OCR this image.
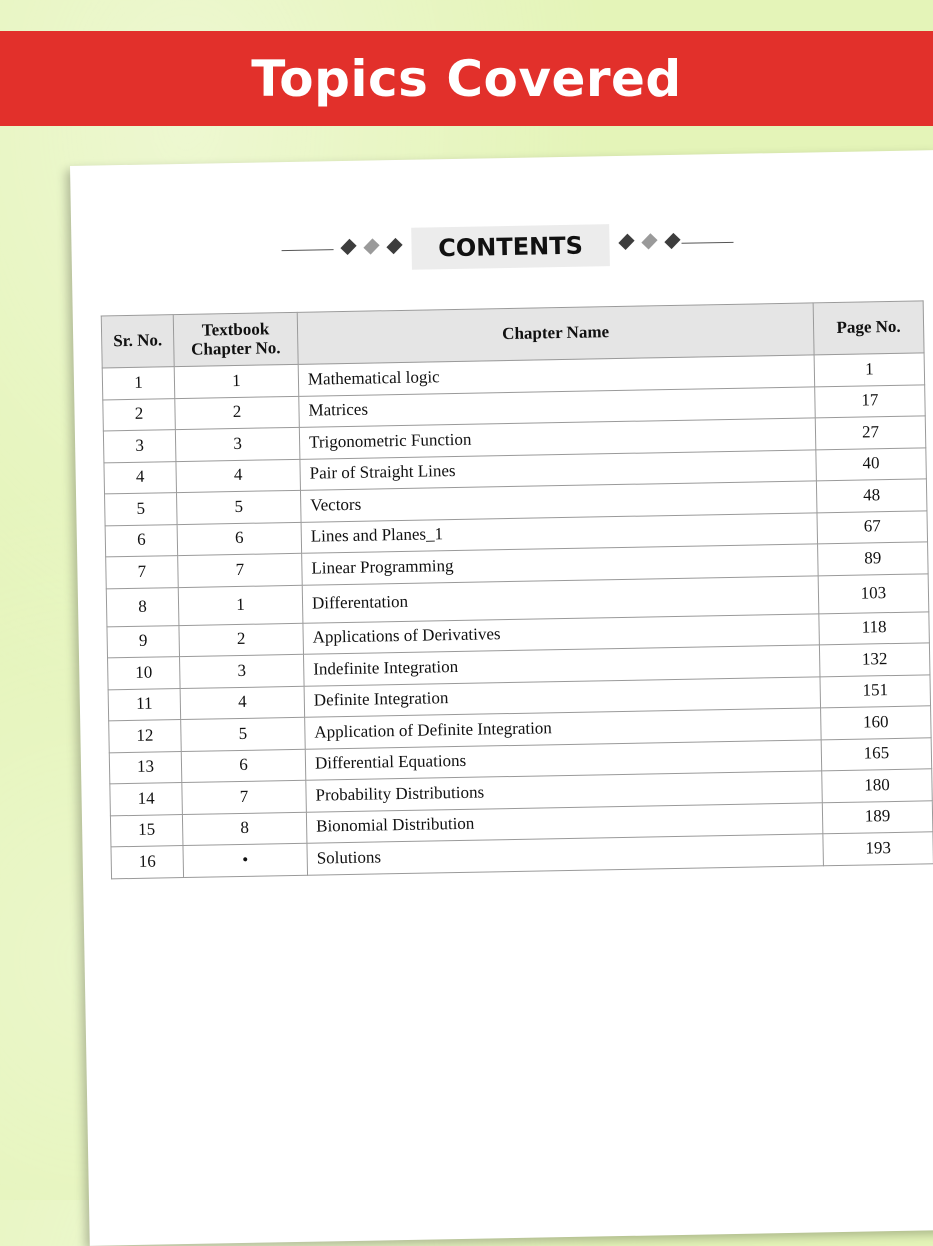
Topics Covered
CONTENTS
Sr. No.	Textbook Chapter No.	Chapter Name	Page No.
1	1	Mathematical logic	1
2	2	Matrices	17
3	3	Trigonometric Function	27
4	4	Pair of Straight Lines	40
5	5	Vectors	48
6	6	Lines and Planes_1	67
7	7	Linear Programming	89
8	1	Differentation	103
9	2	Applications of Derivatives	118
10	3	Indefinite Integration	132
11	4	Definite Integration	151
12	5	Application of Definite Integration	160
13	6	Differential Equations	165
14	7	Probability Distributions	180
15	8	Bionomial Distribution	189
16	•	Solutions	193
